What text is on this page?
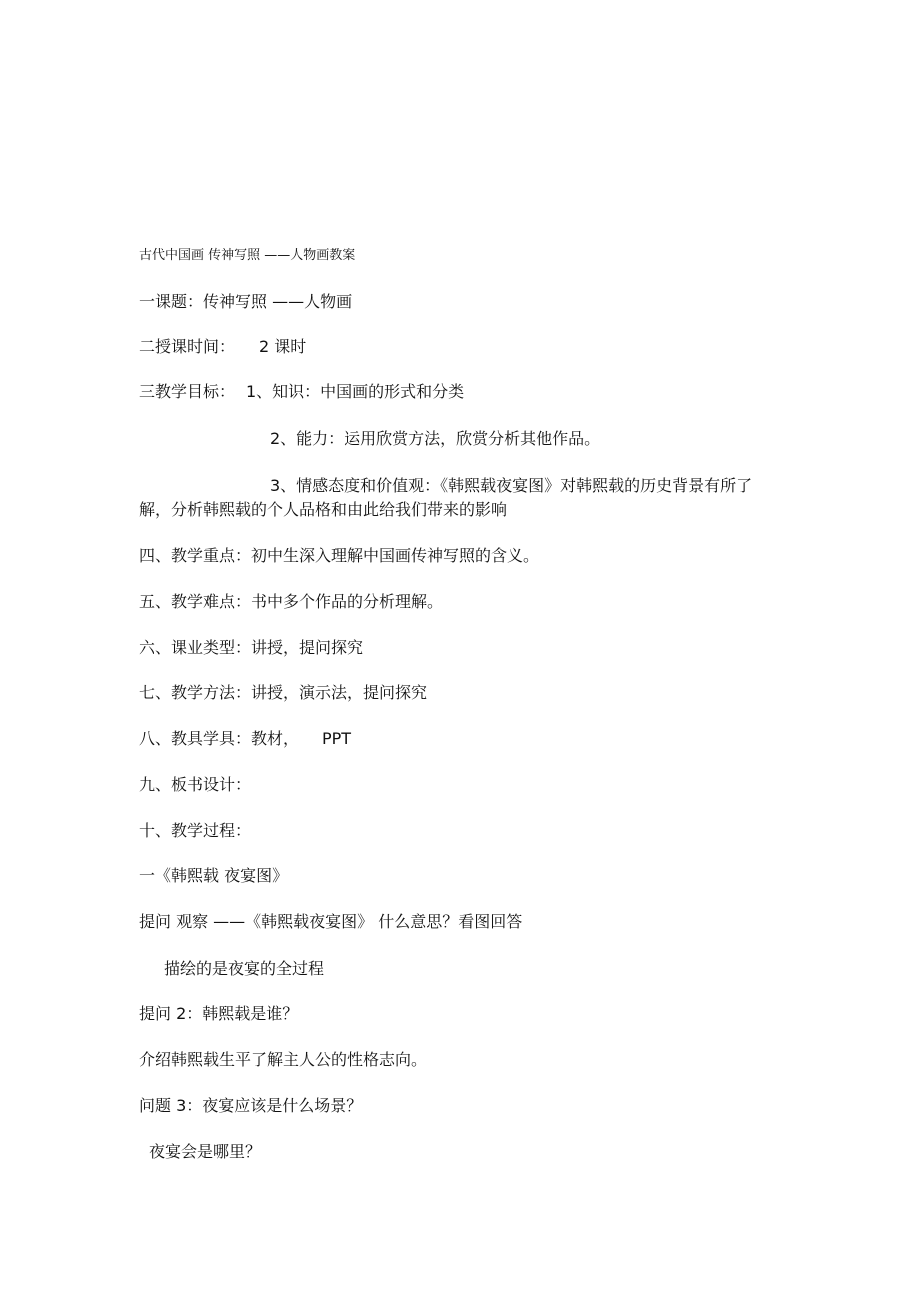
古代中国画 传神写照 ——人物画教案
一课题：传神写照 ——人物画
二授课时间： 2 课时
三教学目标： 1、知识：中国画的形式和分类
2、能力：运用欣赏方法，欣赏分析其他作品。
3、情感态度和价值观：《韩熙载夜宴图》对韩熙载的历史背景有所了解，分析韩熙载的个人品格和由此给我们带来的影响
四、教学重点：初中生深入理解中国画传神写照的含义。
五、教学难点：书中多个作品的分析理解。
六、课业类型：讲授，提问探究
七、教学方法：讲授，演示法，提问探究
八、教具学具：教材， PPT
九、板书设计：
十、教学过程：
一《韩熙载 夜宴图》
提问 观察 ——《韩熙载夜宴图》 什么意思？看图回答
描绘的是夜宴的全过程
提问 2：韩熙载是谁？
介绍韩熙载生平了解主人公的性格志向。
问题 3：夜宴应该是什么场景？
夜宴会是哪里？
